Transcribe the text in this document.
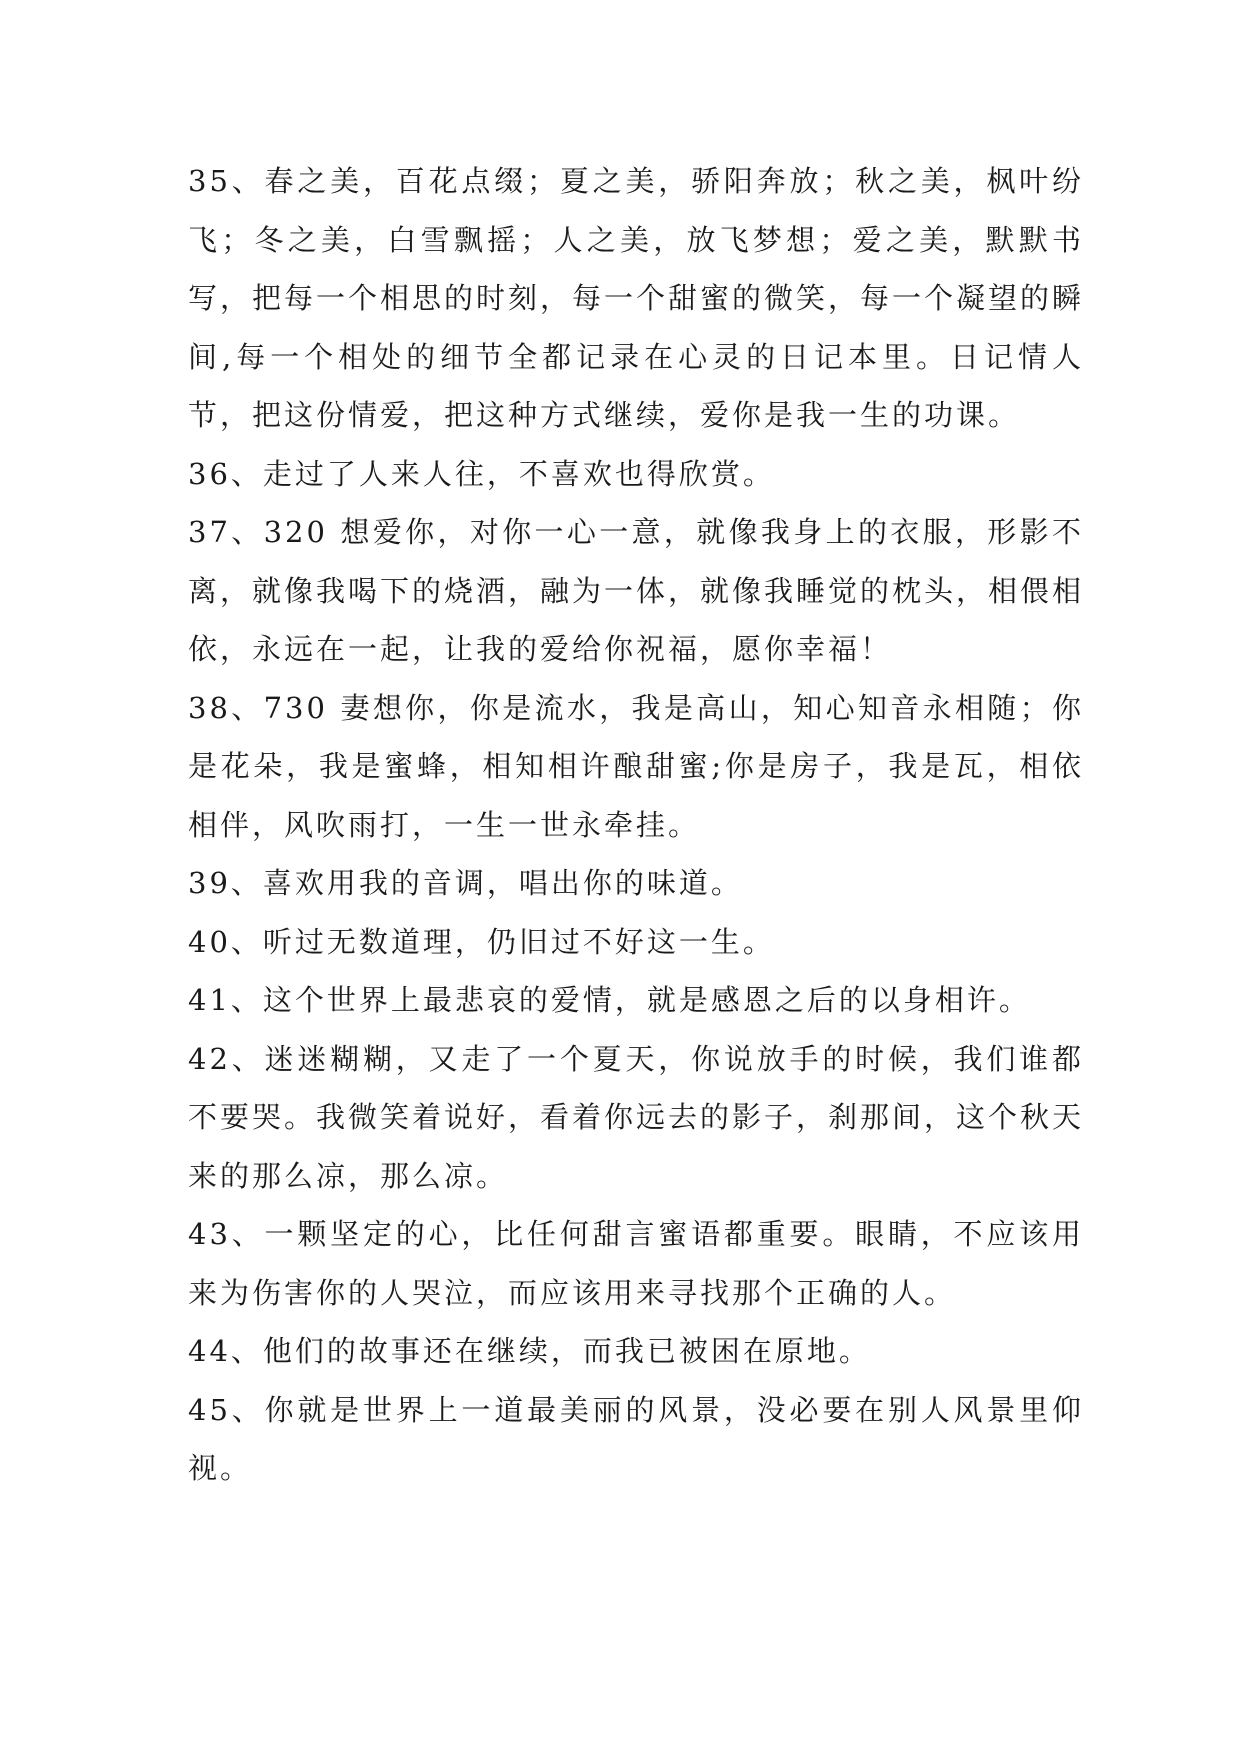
35、春之美，百花点缀；夏之美，骄阳奔放；秋之美，枫叶纷飞；冬之美，白雪飘摇；人之美，放飞梦想；爱之美，默默书写，把每一个相思的时刻，每一个甜蜜的微笑，每一个凝望的瞬间,每一个相处的细节全都记录在心灵的日记本里。日记情人节，把这份情爱，把这种方式继续，爱你是我一生的功课。

36、走过了人来人往，不喜欢也得欣赏。

37、320 想爱你，对你一心一意，就像我身上的衣服，形影不离，就像我喝下的烧酒，融为一体，就像我睡觉的枕头，相偎相依，永远在一起，让我的爱给你祝福，愿你幸福！

38、730 妻想你，你是流水，我是高山，知心知音永相随；你是花朵，我是蜜蜂，相知相许酿甜蜜;你是房子，我是瓦，相依相伴，风吹雨打，一生一世永牵挂。

39、喜欢用我的音调，唱出你的味道。

40、听过无数道理，仍旧过不好这一生。

41、这个世界上最悲哀的爱情，就是感恩之后的以身相许。

42、迷迷糊糊，又走了一个夏天，你说放手的时候，我们谁都不要哭。我微笑着说好，看着你远去的影子，刹那间，这个秋天来的那么凉，那么凉。

43、一颗坚定的心，比任何甜言蜜语都重要。眼睛，不应该用来为伤害你的人哭泣，而应该用来寻找那个正确的人。

44、他们的故事还在继续，而我已被困在原地。

45、你就是世界上一道最美丽的风景，没必要在别人风景里仰视。
